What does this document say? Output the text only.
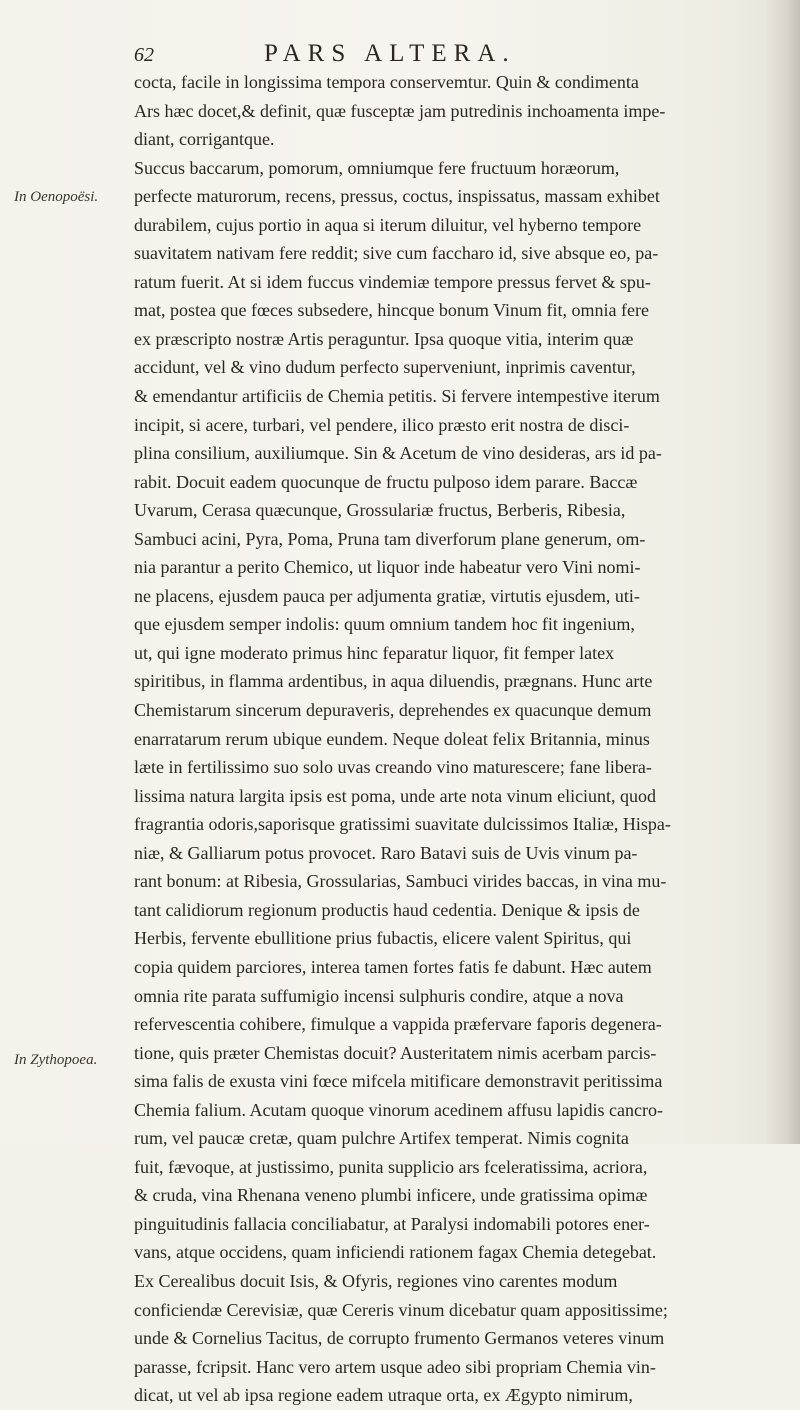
62	PARS ALTERA.
In Oenopoësi.
In Zythopoea.
cocta, facile in longissima tempora conservemtur. Quin & condimenta
Ars hæc docet,& definit, quæ fusceptæ jam putredinis inchoamenta impe-
diant, corrigantque.
Succus baccarum, pomorum, omniumque fere fructuum horæorum,
perfecte maturorum, recens, pressus, coctus, inspissatus, massam exhibet
durabilem, cujus portio in aqua si iterum diluitur, vel hyberno tempore
suavitatem nativam fere reddit; sive cum faccharo id, sive absque eo, pa-
ratum fuerit. At si idem fuccus vindemiæ tempore pressus fervet & spu-
mat, postea que fœces subsedere, hincque bonum Vinum fit, omnia fere
ex præscripto nostræ Artis peraguntur. Ipsa quoque vitia, interim quæ
accidunt, vel & vino dudum perfecto superveniunt, inprimis caventur,
& emendantur artificiis de Chemia petitis. Si fervere intempestive iterum
incipit, si acere, turbari, vel pendere, ilico præsto erit nostra de disci-
plina consilium, auxiliumque. Sin & Acetum de vino desideras, ars id pa-
rabit. Docuit eadem quocunque de fructu pulposo idem parare. Baccæ
Uvarum, Cerasa quæcunque, Grossulariæ fructus, Berberis, Ribesia,
Sambuci acini, Pyra, Poma, Pruna tam diverforum plane generum, om-
nia parantur a perito Chemico, ut liquor inde habeatur vero Vini nomi-
ne placens, ejusdem pauca per adjumenta gratiæ, virtutis ejusdem, uti-
que ejusdem semper indolis: quum omnium tandem hoc fit ingenium,
ut, qui igne moderato primus hinc feparatur liquor, fit femper latex
spiritibus, in flamma ardentibus, in aqua diluendis, prægnans. Hunc arte
Chemistarum sincerum depuraveris, deprehendes ex quacunque demum
enarratarum rerum ubique eundem. Neque doleat felix Britannia, minus
læte in fertilissimo suo solo uvas creando vino maturescere; fane libera-
lissima natura largita ipsis est poma, unde arte nota vinum eliciunt, quod
fragrantia odoris,saporisque gratissimi suavitate dulcissimos Italiæ, Hispa-
niæ, & Galliarum potus provocet. Raro Batavi suis de Uvis vinum pa-
rant bonum: at Ribesia, Grossularias, Sambuci virides baccas, in vina mu-
tant calidiorum regionum productis haud cedentia. Denique & ipsis de
Herbis, fervente ebullitione prius fubactis, elicere valent Spiritus, qui
copia quidem parciores, interea tamen fortes fatis fe dabunt. Hæc autem
omnia rite parata suffumigio incensi sulphuris condire, atque a nova
refervescentia cohibere, fimulque a vappida præfervare faporis degenera-
tione, quis præter Chemistas docuit? Austeritatem nimis acerbam parcis-
sima falis de exusta vini fœce mifcela mitificare demonstravit peritissima
Chemia falium. Acutam quoque vinorum acedinem affusu lapidis cancro-
rum, vel paucæ cretæ, quam pulchre Artifex temperat. Nimis cognita
fuit, fævoque, at justissimo, punita supplicio ars fceleratissima, acriora,
& cruda, vina Rhenana veneno plumbi inficere, unde gratissima opimæ
pinguitudinis fallacia conciliabatur, at Paralysi indomabili potores ener-
vans, atque occidens, quam inficiendi rationem fagax Chemia detegebat.
Ex Cerealibus docuit Isis, & Ofyris, regiones vino carentes modum
conficiendæ Cerevisiæ, quæ Cereris vinum dicebatur quam appositissime;
unde & Cornelius Tacitus, de corrupto frumento Germanos veteres vinum
parasse, fcripsit. Hanc vero artem usque adeo sibi propriam Chemia vin-
dicat, ut vel ab ipsa regione eadem utraque orta, ex Ægypto nimirum,
